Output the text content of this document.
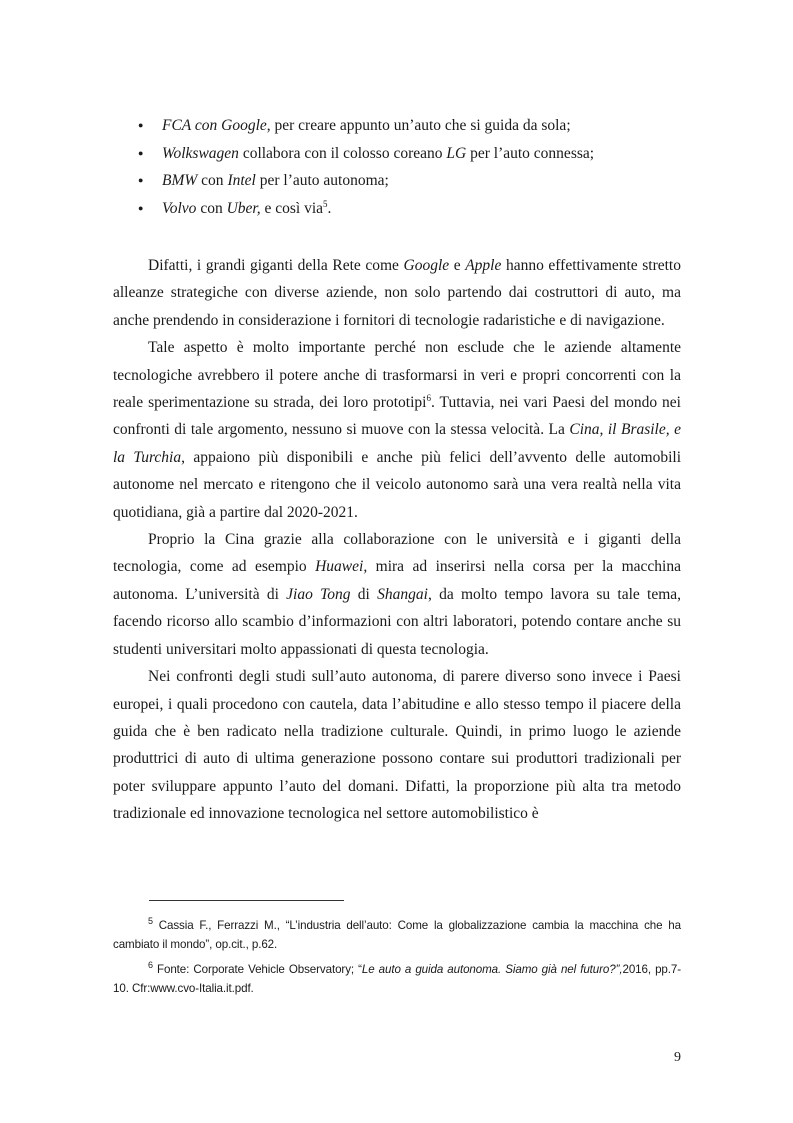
● FCA con Google, per creare appunto un’auto che si guida da sola;
● Wolkswagen collabora con il colosso coreano LG per l’auto connessa;
● BMW con Intel per l’auto autonoma;
● Volvo con Uber, e così via$^5$.

Difatti, i grandi giganti della Rete come Google e Apple hanno effettivamente stretto alleanze strategiche con diverse aziende, non solo partendo dai costruttori di auto, ma anche prendendo in considerazione i fornitori di tecnologie radaristiche e di navigazione.

Tale aspetto è molto importante perché non esclude che le aziende altamente tecnologiche avrebbero il potere anche di trasformarsi in veri e propri concorrenti con la reale sperimentazione su strada, dei loro prototipi$^6$. Tuttavia, nei vari Paesi del mondo nei confronti di tale argomento, nessuno si muove con la stessa velocità. La Cina, il Brasile, e la Turchia, appaiono più disponibili e anche più felici dell’avvento delle automobili autonome nel mercato e ritengono che il veicolo autonomo sarà una vera realtà nella vita quotidiana, già a partire dal 2020-2021.

Proprio la Cina grazie alla collaborazione con le università e i giganti della tecnologia, come ad esempio Huawei, mira ad inserirsi nella corsa per la macchina autonoma. L’università di Jiao Tong di Shangai, da molto tempo lavora su tale tema, facendo ricorso allo scambio d’informazioni con altri laboratori, potendo contare anche su studenti universitari molto appassionati di questa tecnologia.

Nei confronti degli studi sull’auto autonoma, di parere diverso sono invece i Paesi europei, i quali procedono con cautela, data l’abitudine e allo stesso tempo il piacere della guida che è ben radicato nella tradizione culturale. Quindi, in primo luogo le aziende produttrici di auto di ultima generazione possono contare sui produttori tradizionali per poter sviluppare appunto l’auto del domani. Difatti, la proporzione più alta tra metodo tradizionale ed innovazione tecnologica nel settore automobilistico è

$^5$ Cassia F., Ferrazzi M., “L’industria dell’auto: Come la globalizzazione cambia la macchina che ha cambiato il mondo”, op.cit., p.62.

$^6$ Fonte: Corporate Vehicle Observatory; “Le auto a guida autonoma. Siamo già nel futuro?”,2016, pp.7-10. Cfr:www.cvo-Italia.it.pdf.

9
